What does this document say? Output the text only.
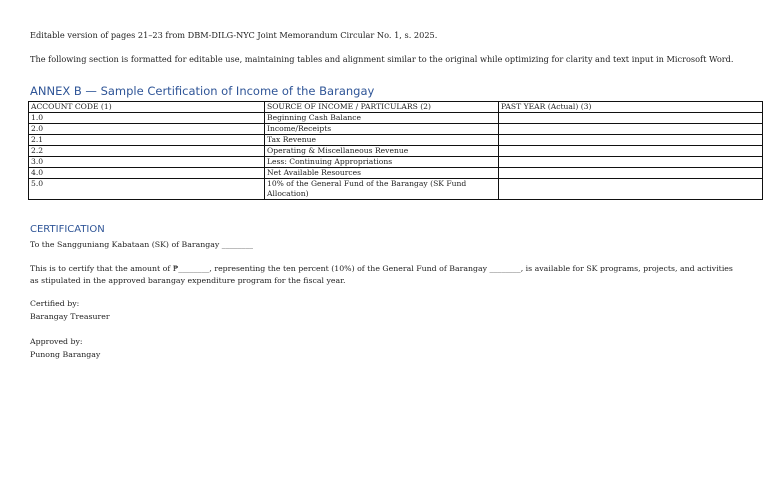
Editable version of pages 21–23 from DBM-DILG-NYC Joint Memorandum Circular No. 1, s. 2025.
The following section is formatted for editable use, maintaining tables and alignment similar to the original while optimizing for clarity and text input in Microsoft Word.
ANNEX B — Sample Certification of Income of the Barangay
ACCOUNT CODE (1)	SOURCE OF INCOME / PARTICULARS (2)	PAST YEAR (Actual) (3)
1.0	Beginning Cash Balance	
2.0	Income/Receipts	
2.1	Tax Revenue	
2.2	Operating & Miscellaneous Revenue	
3.0	Less: Continuing Appropriations	
4.0	Net Available Resources	
5.0	10% of the General Fund of the Barangay (SK Fund Allocation)	
CERTIFICATION

To the Sangguniang Kabataan (SK) of Barangay ________

This is to certify that the amount of ₱________, representing the ten percent (10%) of the General Fund of Barangay ________, is available for SK programs, projects, and activities as stipulated in the approved barangay expenditure program for the fiscal year.

Certified by:

Barangay Treasurer

Approved by:

Punong Barangay
